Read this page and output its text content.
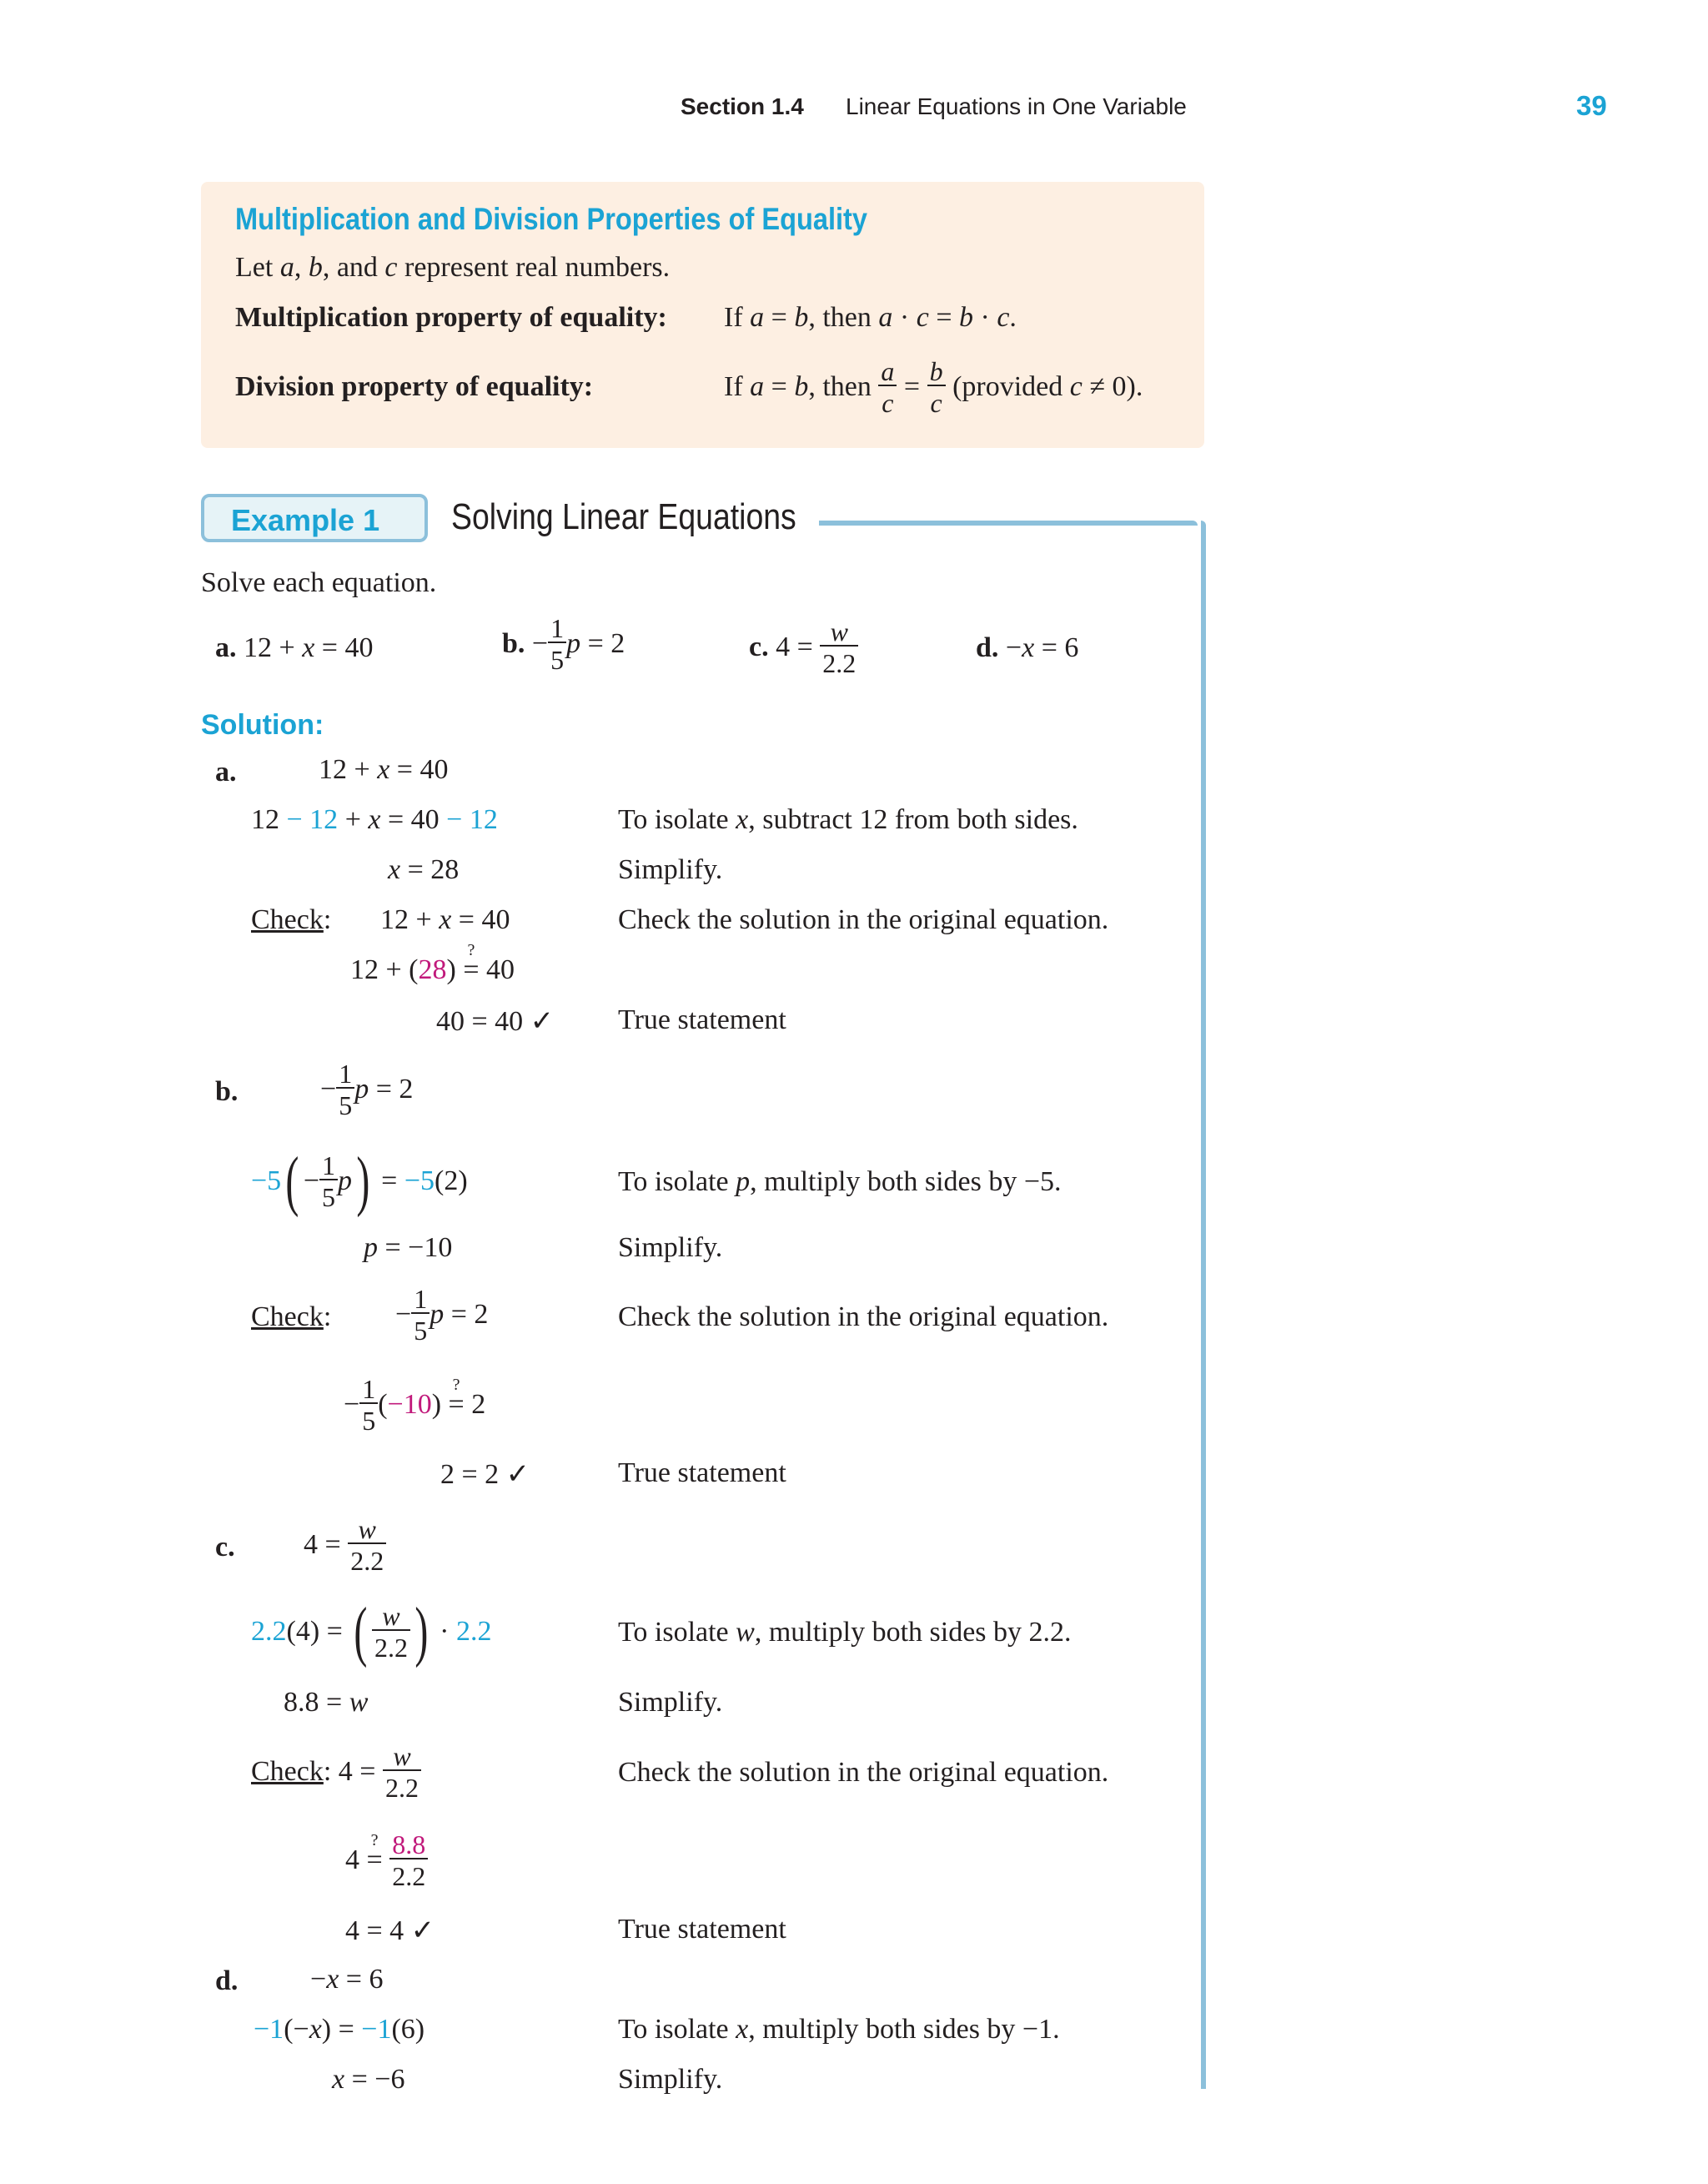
Section 1.4 Linear Equations in One Variable	39
Multiplication and Division Properties of Equality
Let a, b, and c represent real numbers.
Multiplication property of equality: If a = b, then a · c = b · c.
Division property of equality:	If a = b , then $\frac{a}{c} = \frac{b}{c}$ (provided c ≠ 0).
Example 1 Solving Linear Equations
Solve each equation.
a. 12 + x = 40	b. − $\frac{1}{5}$ p = 2	c. $4 = \frac{w}{2.2}$	d. −x = 6
Solution:
a.	12 + x = 40
12 − 12 + x = 40 − 12	To isolate x, subtract 12 from both sides.
x = 28	Simplify.
Check: 12 + x = 40	Check the solution in the original equation.
12 + (28)
?
= 40
40 = 40 ✓ True statement
b.	− $\frac{1}{5}$ p = 2
−5 ( − $\frac{1}{5}$ p ) = −5 (2)	To isolate p, multiply both sides by −5.
p = −10	Simplify.
Check: − $\frac{1}{5}$ p = 2	Check the solution in the original equation.
− $\frac{1}{5}$ ( −10 )
?
= 2
2 = 2 ✓	True statement
c. $4 = \frac{w}{2.2}$
2.2 (4) = ( $\frac{w}{2.2}$ ) · 2.2	To isolate w, multiply both sides by 2.2.
8.8 = w	Simplify.
Check : $4 = \frac{w}{2.2}$	Check the solution in the original equation.
4
?
=
$\frac{8.8}{2.2}$
4 = 4 ✓	True statement
d.	−x = 6
−1(−x) = −1(6)	To isolate x, multiply both sides by −1.
x = −6	Simplify.
